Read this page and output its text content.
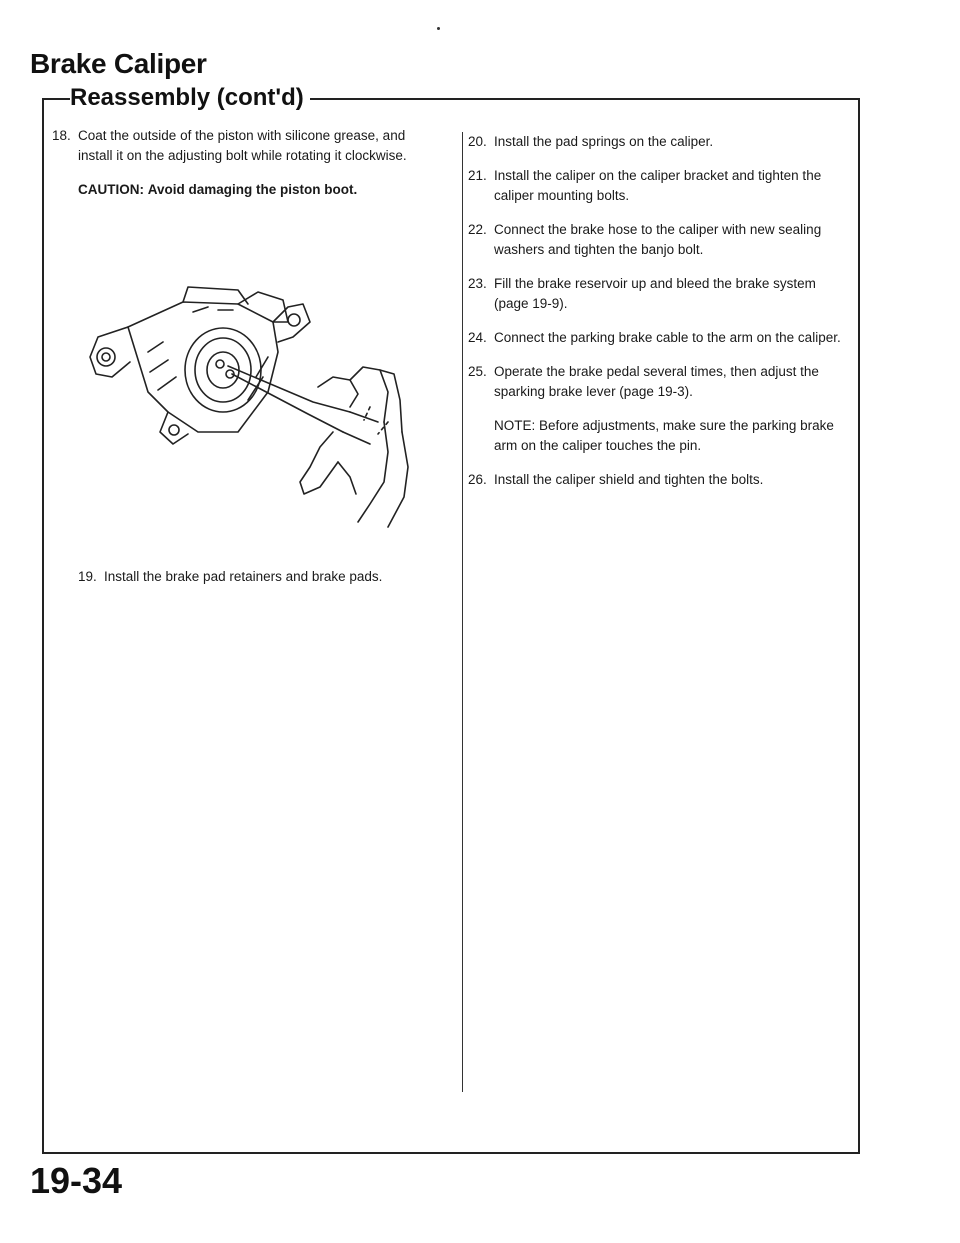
Brake Caliper
Reassembly (cont'd)
18. Coat the outside of the piston with silicone grease, and install it on the adjusting bolt while rotating it clockwise.
CAUTION: Avoid damaging the piston boot.
19. Install the brake pad retainers and brake pads.
20. Install the pad springs on the caliper.
21. Install the caliper on the caliper bracket and tighten the caliper mounting bolts.
22. Connect the brake hose to the caliper with new sealing washers and tighten the banjo bolt.
23. Fill the brake reservoir up and bleed the brake system (page 19-9).
24. Connect the parking brake cable to the arm on the caliper.
25. Operate the brake pedal several times, then adjust the sparking brake lever (page 19-3).
NOTE: Before adjustments, make sure the parking brake arm on the caliper touches the pin.
26. Install the caliper shield and tighten the bolts.
19-34
